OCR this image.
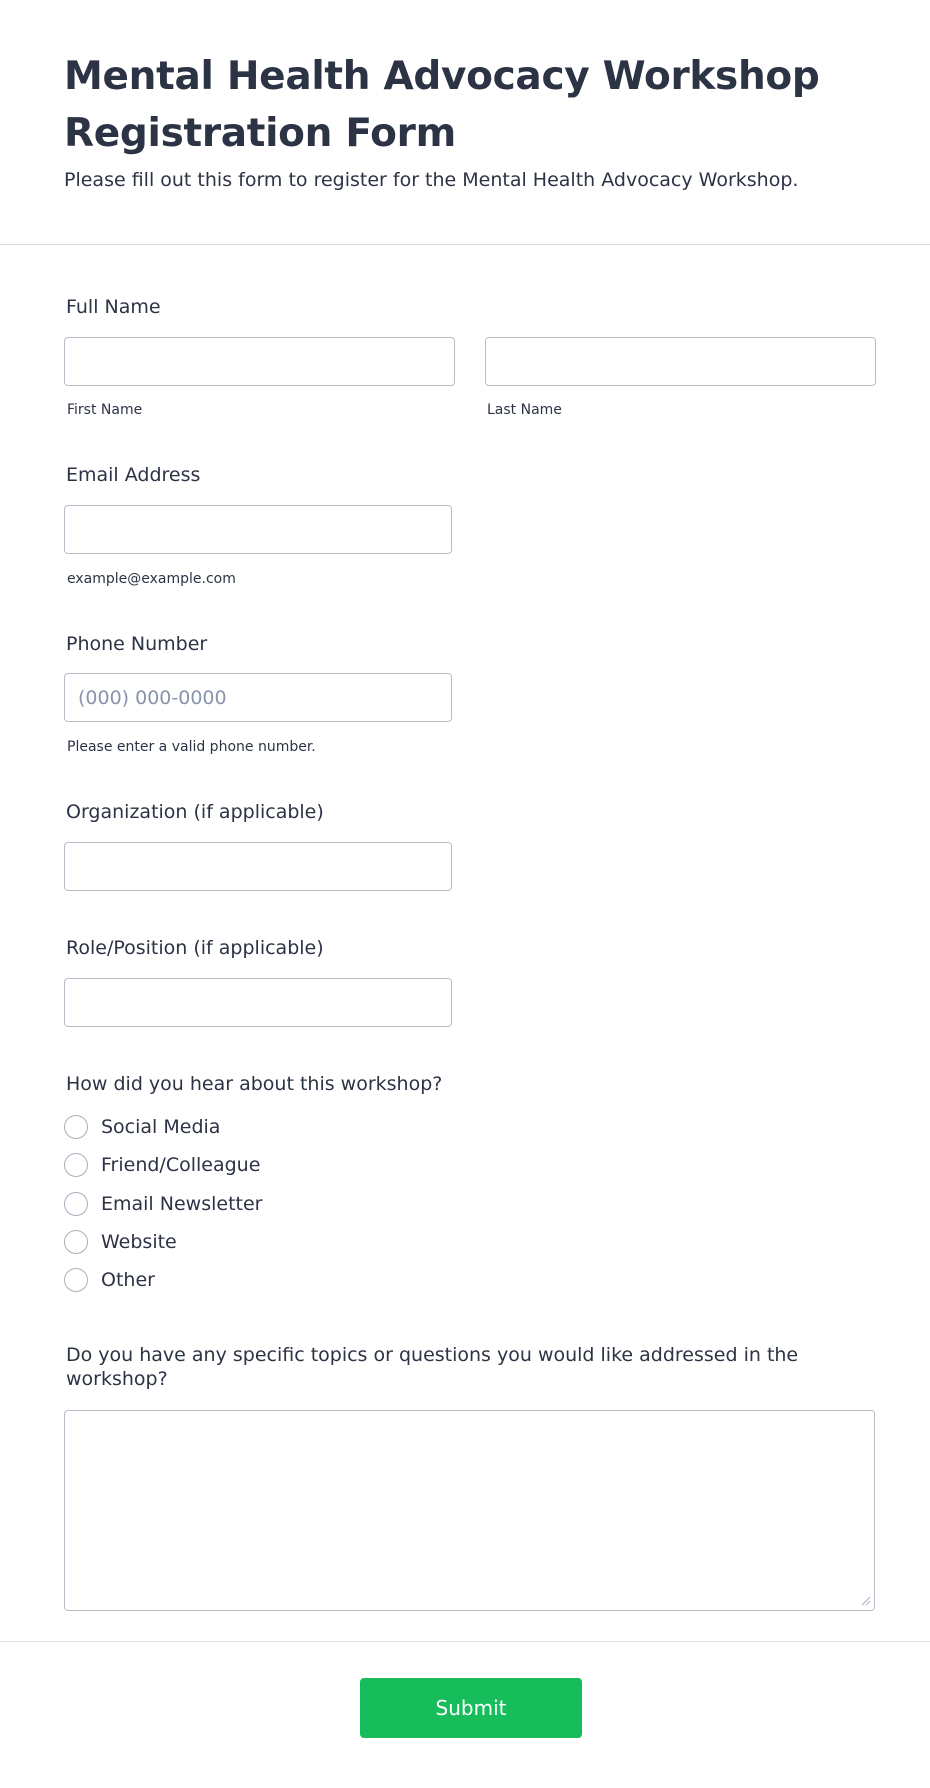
Mental Health Advocacy Workshop Registration Form

Please fill out this form to register for the Mental Health Advocacy Workshop.

Full Name
First Name	Last Name
Email Address
example@example.com
Phone Number
(000) 000-0000
Please enter a valid phone number.
Organization (if applicable)
Role/Position (if applicable)
How did you hear about this workshop?
Social Media
Friend/Colleague
Email Newsletter
Website
Other
Do you have any specific topics or questions you would like addressed in the workshop?
Submit
